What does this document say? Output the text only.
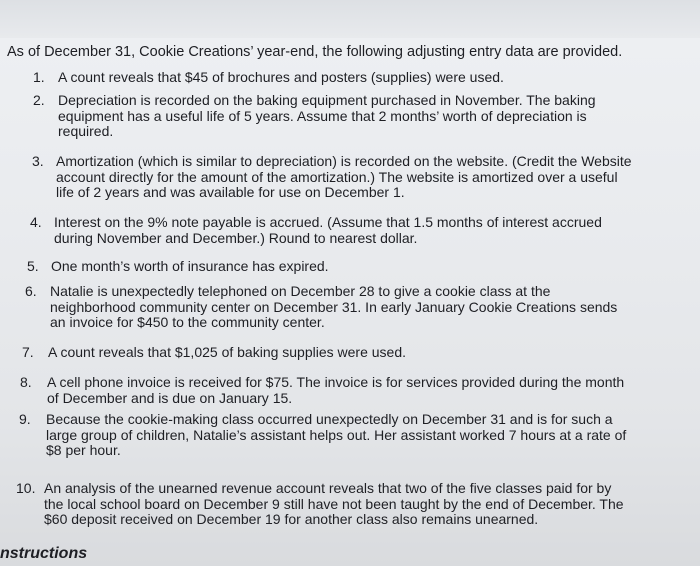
As of December 31, Cookie Creations’ year-end, the following adjusting entry data are provided.
1. A count reveals that $45 of brochures and posters (supplies) were used.
2. Depreciation is recorded on the baking equipment purchased in November. The baking
equipment has a useful life of 5 years. Assume that 2 months’ worth of depreciation is
required.
3. Amortization (which is similar to depreciation) is recorded on the website. (Credit the Website
account directly for the amount of the amortization.) The website is amortized over a useful
life of 2 years and was available for use on December 1.
4. Interest on the 9% note payable is accrued. (Assume that 1.5 months of interest accrued
during November and December.) Round to nearest dollar.
5. One month’s worth of insurance has expired.
6. Natalie is unexpectedly telephoned on December 28 to give a cookie class at the
neighborhood community center on December 31. In early January Cookie Creations sends
an invoice for $450 to the community center.
7. A count reveals that $1,025 of baking supplies were used.
8. A cell phone invoice is received for $75. The invoice is for services provided during the month
of December and is due on January 15.
9. Because the cookie-making class occurred unexpectedly on December 31 and is for such a
large group of children, Natalie’s assistant helps out. Her assistant worked 7 hours at a rate of
$8 per hour.
10. An analysis of the unearned revenue account reveals that two of the five classes paid for by
the local school board on December 9 still have not been taught by the end of December. The
$60 deposit received on December 19 for another class also remains unearned.
nstructions
